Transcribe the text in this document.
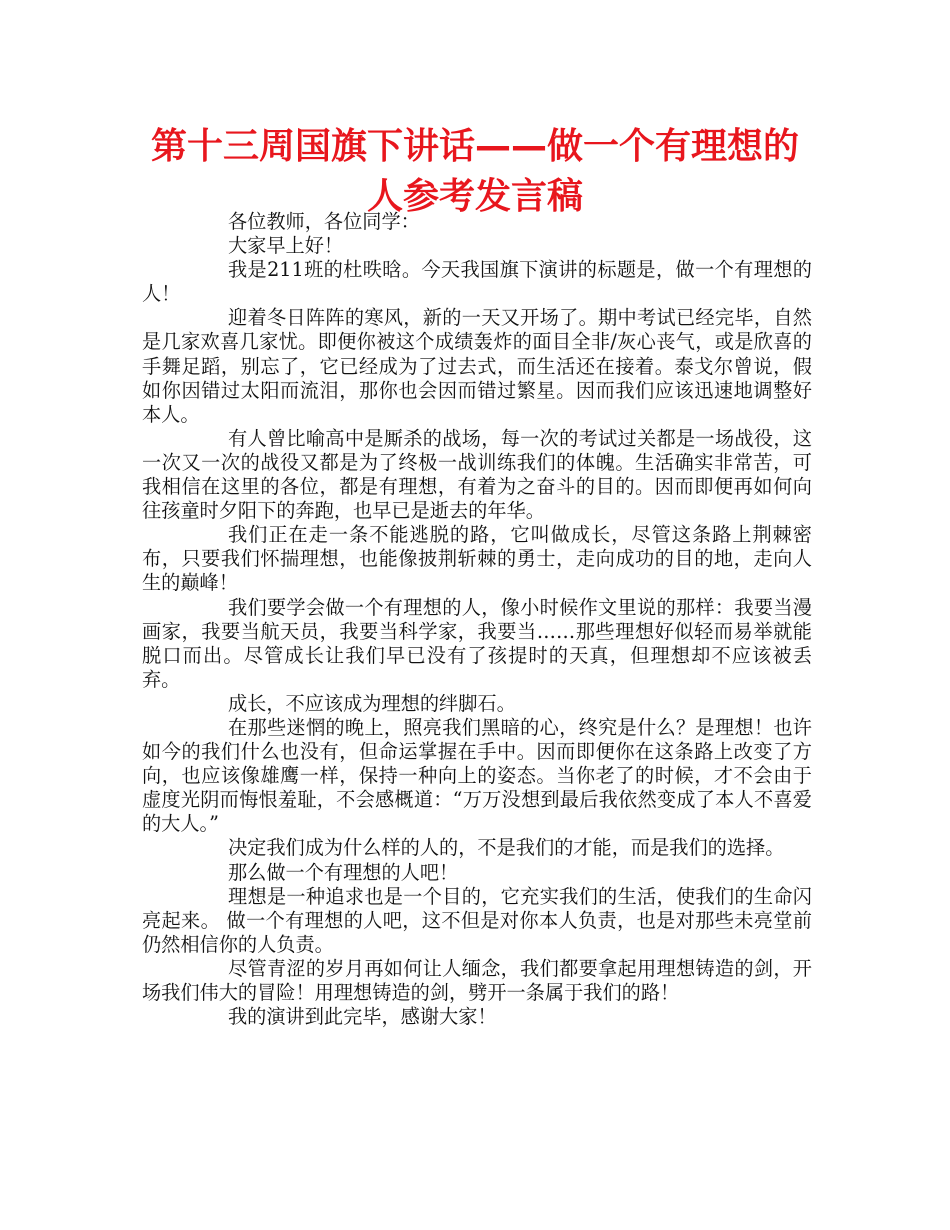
第十三周国旗下讲话——做一个有理想的
人参考发言稿

各位教师，各位同学：

大家早上好！

我是211班的杜昳晗。今天我国旗下演讲的标题是，做一个有理想的人！

迎着冬日阵阵的寒风，新的一天又开场了。期中考试已经完毕，自然是几家欢喜几家忧。即便你被这个成绩轰炸的面目全非/灰心丧气，或是欣喜的手舞足蹈，别忘了，它已经成为了过去式，而生活还在接着。泰戈尔曾说，假如你因错过太阳而流泪，那你也会因而错过繁星。因而我们应该迅速地调整好本人。

有人曾比喻高中是厮杀的战场，每一次的考试过关都是一场战役，这一次又一次的战役又都是为了终极一战训练我们的体魄。生活确实非常苦，可我相信在这里的各位，都是有理想，有着为之奋斗的目的。因而即便再如何向往孩童时夕阳下的奔跑，也早已是逝去的年华。

我们正在走一条不能逃脱的路，它叫做成长，尽管这条路上荆棘密布，只要我们怀揣理想，也能像披荆斩棘的勇士，走向成功的目的地，走向人生的巅峰！

我们要学会做一个有理想的人，像小时候作文里说的那样：我要当漫画家，我要当航天员，我要当科学家，我要当……那些理想好似轻而易举就能脱口而出。尽管成长让我们早已没有了孩提时的天真，但理想却不应该被丢弃。

成长，不应该成为理想的绊脚石。

在那些迷惘的晚上，照亮我们黑暗的心，终究是什么？是理想！也许如今的我们什么也没有，但命运掌握在手中。因而即便你在这条路上改变了方向，也应该像雄鹰一样，保持一种向上的姿态。当你老了的时候，才不会由于虚度光阴而悔恨羞耻，不会感概道：“万万没想到最后我依然变成了本人不喜爱的大人。”

决定我们成为什么样的人的，不是我们的才能，而是我们的选择。

那么做一个有理想的人吧！

理想是一种追求也是一个目的，它充实我们的生活，使我们的生命闪亮起来。 做一个有理想的人吧，这不但是对你本人负责，也是对那些未亮堂前仍然相信你的人负责。

尽管青涩的岁月再如何让人缅念，我们都要拿起用理想铸造的剑，开场我们伟大的冒险！用理想铸造的剑，劈开一条属于我们的路！

我的演讲到此完毕，感谢大家！
